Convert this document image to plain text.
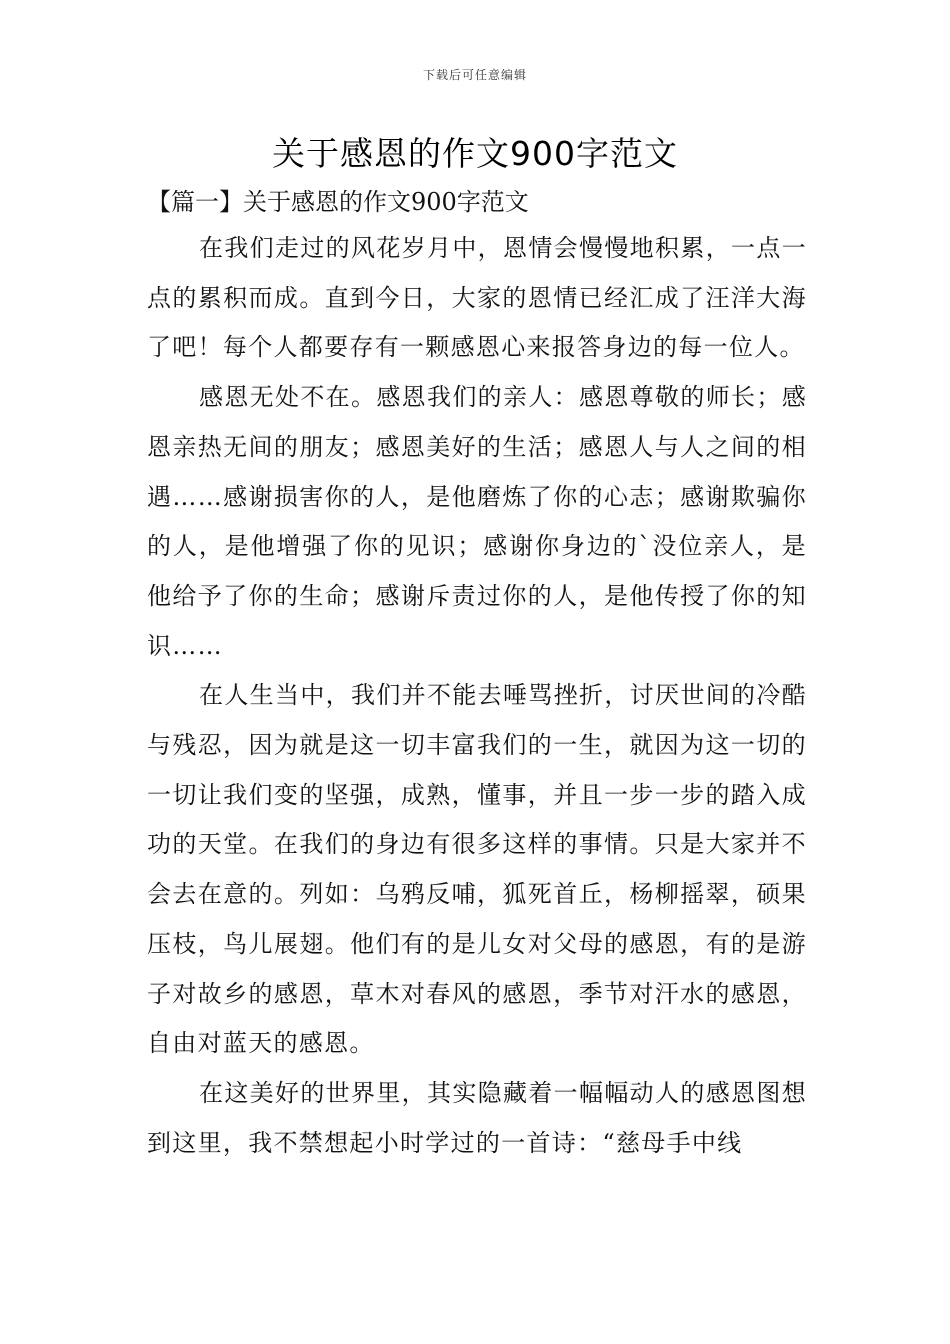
下载后可任意编辑
关于感恩的作文900字范文
【篇一】关于感恩的作文900字范文

在我们走过的风花岁月中，恩情会慢慢地积累，一点一点的累积而成。直到今日，大家的恩情已经汇成了汪洋大海了吧！每个人都要存有一颗感恩心来报答身边的每一位人。

感恩无处不在。感恩我们的亲人：感恩尊敬的师长；感恩亲热无间的朋友；感恩美好的生活；感恩人与人之间的相遇……感谢损害你的人，是他磨炼了你的心志；感谢欺骗你的人，是他增强了你的见识；感谢你身边的`没位亲人，是他给予了你的生命；感谢斥责过你的人，是他传授了你的知识……

在人生当中，我们并不能去唾骂挫折，讨厌世间的冷酷与残忍，因为就是这一切丰富我们的一生，就因为这一切的一切让我们变的坚强，成熟，懂事，并且一步一步的踏入成功的天堂。在我们的身边有很多这样的事情。只是大家并不会去在意的。列如：乌鸦反哺，狐死首丘，杨柳摇翠，硕果压枝，鸟儿展翅。他们有的是儿女对父母的感恩，有的是游子对故乡的感恩，草木对春风的感恩，季节对汗水的感恩，自由对蓝天的感恩。

在这美好的世界里，其实隐藏着一幅幅动人的感恩图想到这里，我不禁想起小时学过的一首诗：“慈母手中线
